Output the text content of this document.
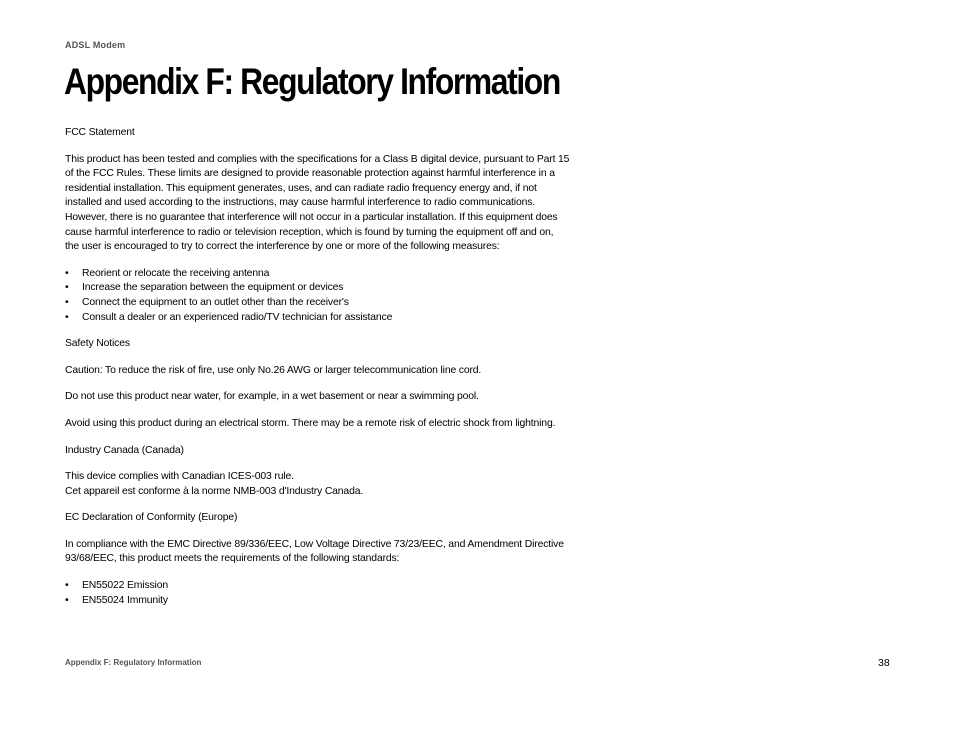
ADSL Modem
Appendix F: Regulatory Information

FCC Statement

This product has been tested and complies with the specifications for a Class B digital device, pursuant to Part 15
of the FCC Rules. These limits are designed to provide reasonable protection against harmful interference in a
residential installation. This equipment generates, uses, and can radiate radio frequency energy and, if not
installed and used according to the instructions, may cause harmful interference to radio communications.
However, there is no guarantee that interference will not occur in a particular installation. If this equipment does
cause harmful interference to radio or television reception, which is found by turning the equipment off and on,
the user is encouraged to try to correct the interference by one or more of the following measures:

• Reorient or relocate the receiving antenna
• Increase the separation between the equipment or devices
• Connect the equipment to an outlet other than the receiver's
• Consult a dealer or an experienced radio/TV technician for assistance

Safety Notices

Caution: To reduce the risk of fire, use only No.26 AWG or larger telecommunication line cord.

Do not use this product near water, for example, in a wet basement or near a swimming pool.

Avoid using this product during an electrical storm. There may be a remote risk of electric shock from lightning.

Industry Canada (Canada)

This device complies with Canadian ICES-003 rule.
Cet appareil est conforme à la norme NMB-003 d'Industry Canada.

EC Declaration of Conformity (Europe)

In compliance with the EMC Directive 89/336/EEC, Low Voltage Directive 73/23/EEC, and Amendment Directive
93/68/EEC, this product meets the requirements of the following standards:

• EN55022 Emission
• EN55024 Immunity
Appendix F: Regulatory Information	38
